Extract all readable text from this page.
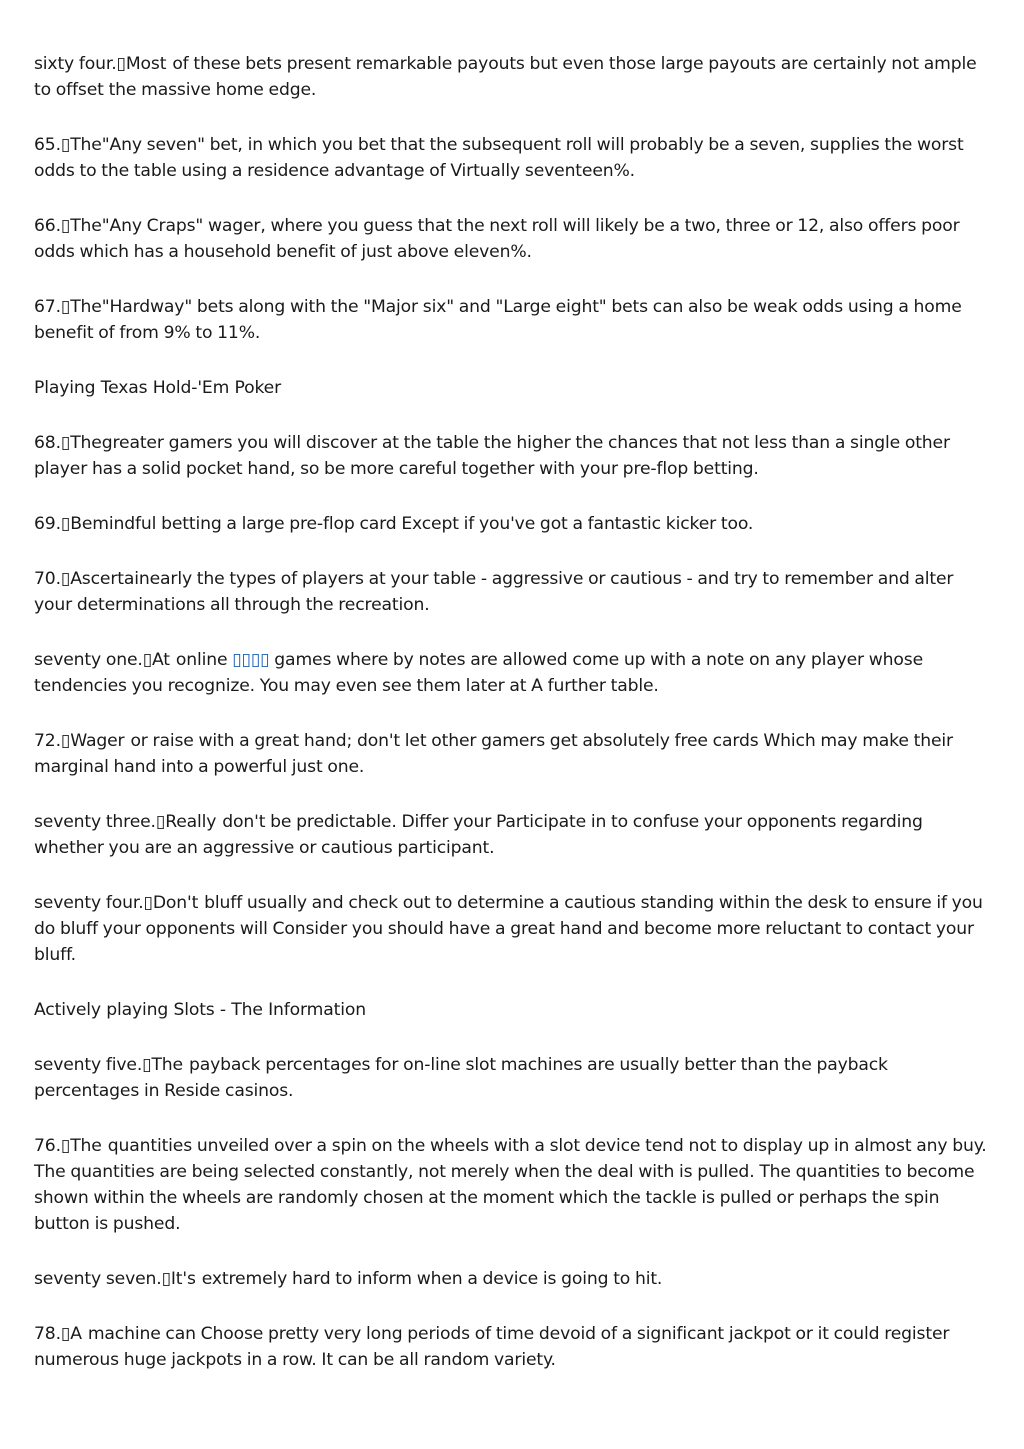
sixty four.▯Most of these bets present remarkable payouts but even those large payouts are certainly not ample to offset the massive home edge.

65.▯The"Any seven" bet, in which you bet that the subsequent roll will probably be a seven, supplies the worst odds to the table using a residence advantage of Virtually seventeen%.

66.▯The"Any Craps" wager, where you guess that the next roll will likely be a two, three or 12, also offers poor odds which has a household benefit of just above eleven%.

67.▯The"Hardway" bets along with the "Major six" and "Large eight" bets can also be weak odds using a home benefit of from 9% to 11%.

Playing Texas Hold-'Em Poker

68.▯Thegreater gamers you will discover at the table the higher the chances that not less than a single other player has a solid pocket hand, so be more careful together with your pre-flop betting.

69.▯Bemindful betting a large pre-flop card Except if you've got a fantastic kicker too.

70.▯Ascertainearly the types of players at your table - aggressive or cautious - and try to remember and alter your determinations all through the recreation.

seventy one.▯At online ▯▯▯▯ games where by notes are allowed come up with a note on any player whose tendencies you recognize. You may even see them later at A further table.

72.▯Wager or raise with a great hand; don't let other gamers get absolutely free cards Which may make their marginal hand into a powerful just one.

seventy three.▯Really don't be predictable. Differ your Participate in to confuse your opponents regarding whether you are an aggressive or cautious participant.

seventy four.▯Don't bluff usually and check out to determine a cautious standing within the desk to ensure if you do bluff your opponents will Consider you should have a great hand and become more reluctant to contact your bluff.

Actively playing Slots - The Information

seventy five.▯The payback percentages for on-line slot machines are usually better than the payback percentages in Reside casinos.

76.▯The quantities unveiled over a spin on the wheels with a slot device tend not to display up in almost any buy. The quantities are being selected constantly, not merely when the deal with is pulled. The quantities to become shown within the wheels are randomly chosen at the moment which the tackle is pulled or perhaps the spin button is pushed.

seventy seven.▯It's extremely hard to inform when a device is going to hit.

78.▯A machine can Choose pretty very long periods of time devoid of a significant jackpot or it could register numerous huge jackpots in a row. It can be all random variety.
